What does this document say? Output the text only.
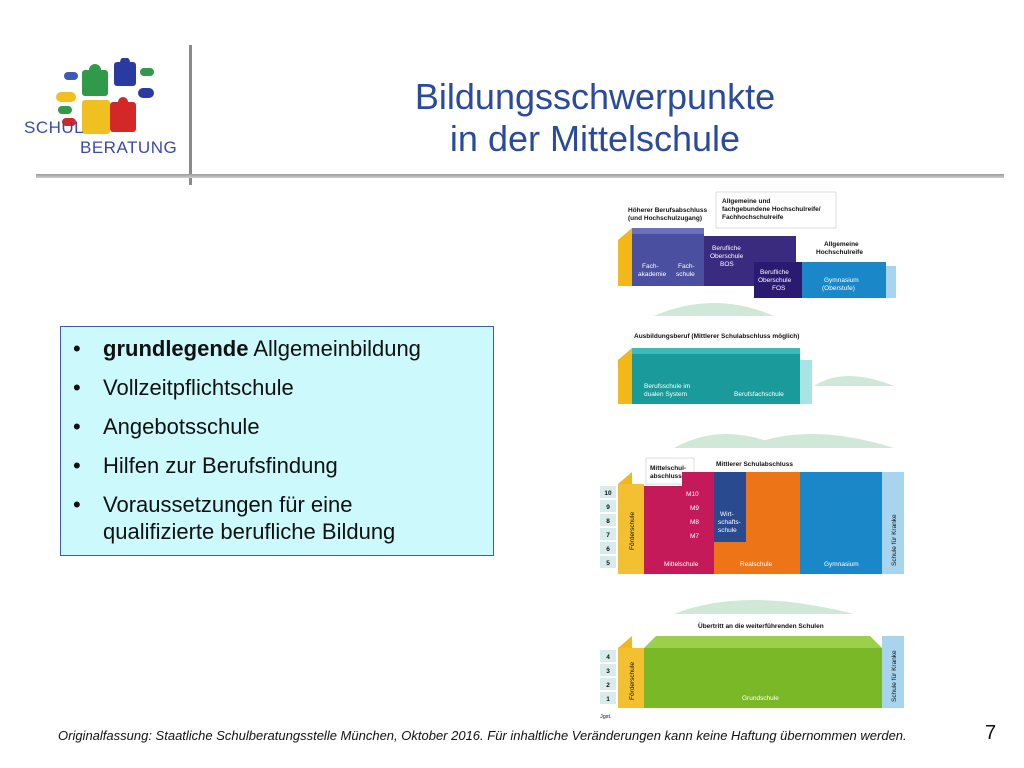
SCHUL
BERATUNG
Bildungsschwerpunkte
in der Mittelschule
• grundlegende Allgemeinbildung
• Vollzeitpflichtschule
• Angebotsschule
• Hilfen zur Berufsfindung
• Voraussetzungen für eine
qualifizierte berufliche Bildung
Höherer Berufsabschluss
(und Hochschulzugang)
Allgemeine und
fachgebundene Hochschulreife/
Fachhochschulreife
Allgemeine
Hochschulreife
Fach-
akademie
Fach-
schule
Berufliche
Oberschule
BOS
Berufliche
Oberschule
FOS
Gymnasium
(Oberstufe)
Ausbildungsberuf (Mittlerer Schulabschluss möglich)
Berufsschule im
dualen System	Berufsfachschule
Mittelschul-
abschluss
Mittlerer Schulabschluss
10
9
8
7
6
5
Förderschule
M10
M9
M8
M7
Mittelschule
Wirt-
schafts-
schule
Realschule	Gymnasium	Schule für Kranke
Übertritt an die weiterführenden Schulen
4
3
2
1	Förderschule	Grundschule	Schule für Kranke
Jgst.
Originalfassung: Staatliche Schulberatungsstelle München, Oktober 2016. Für inhaltliche Veränderungen kann keine Haftung übernommen werden.	7
